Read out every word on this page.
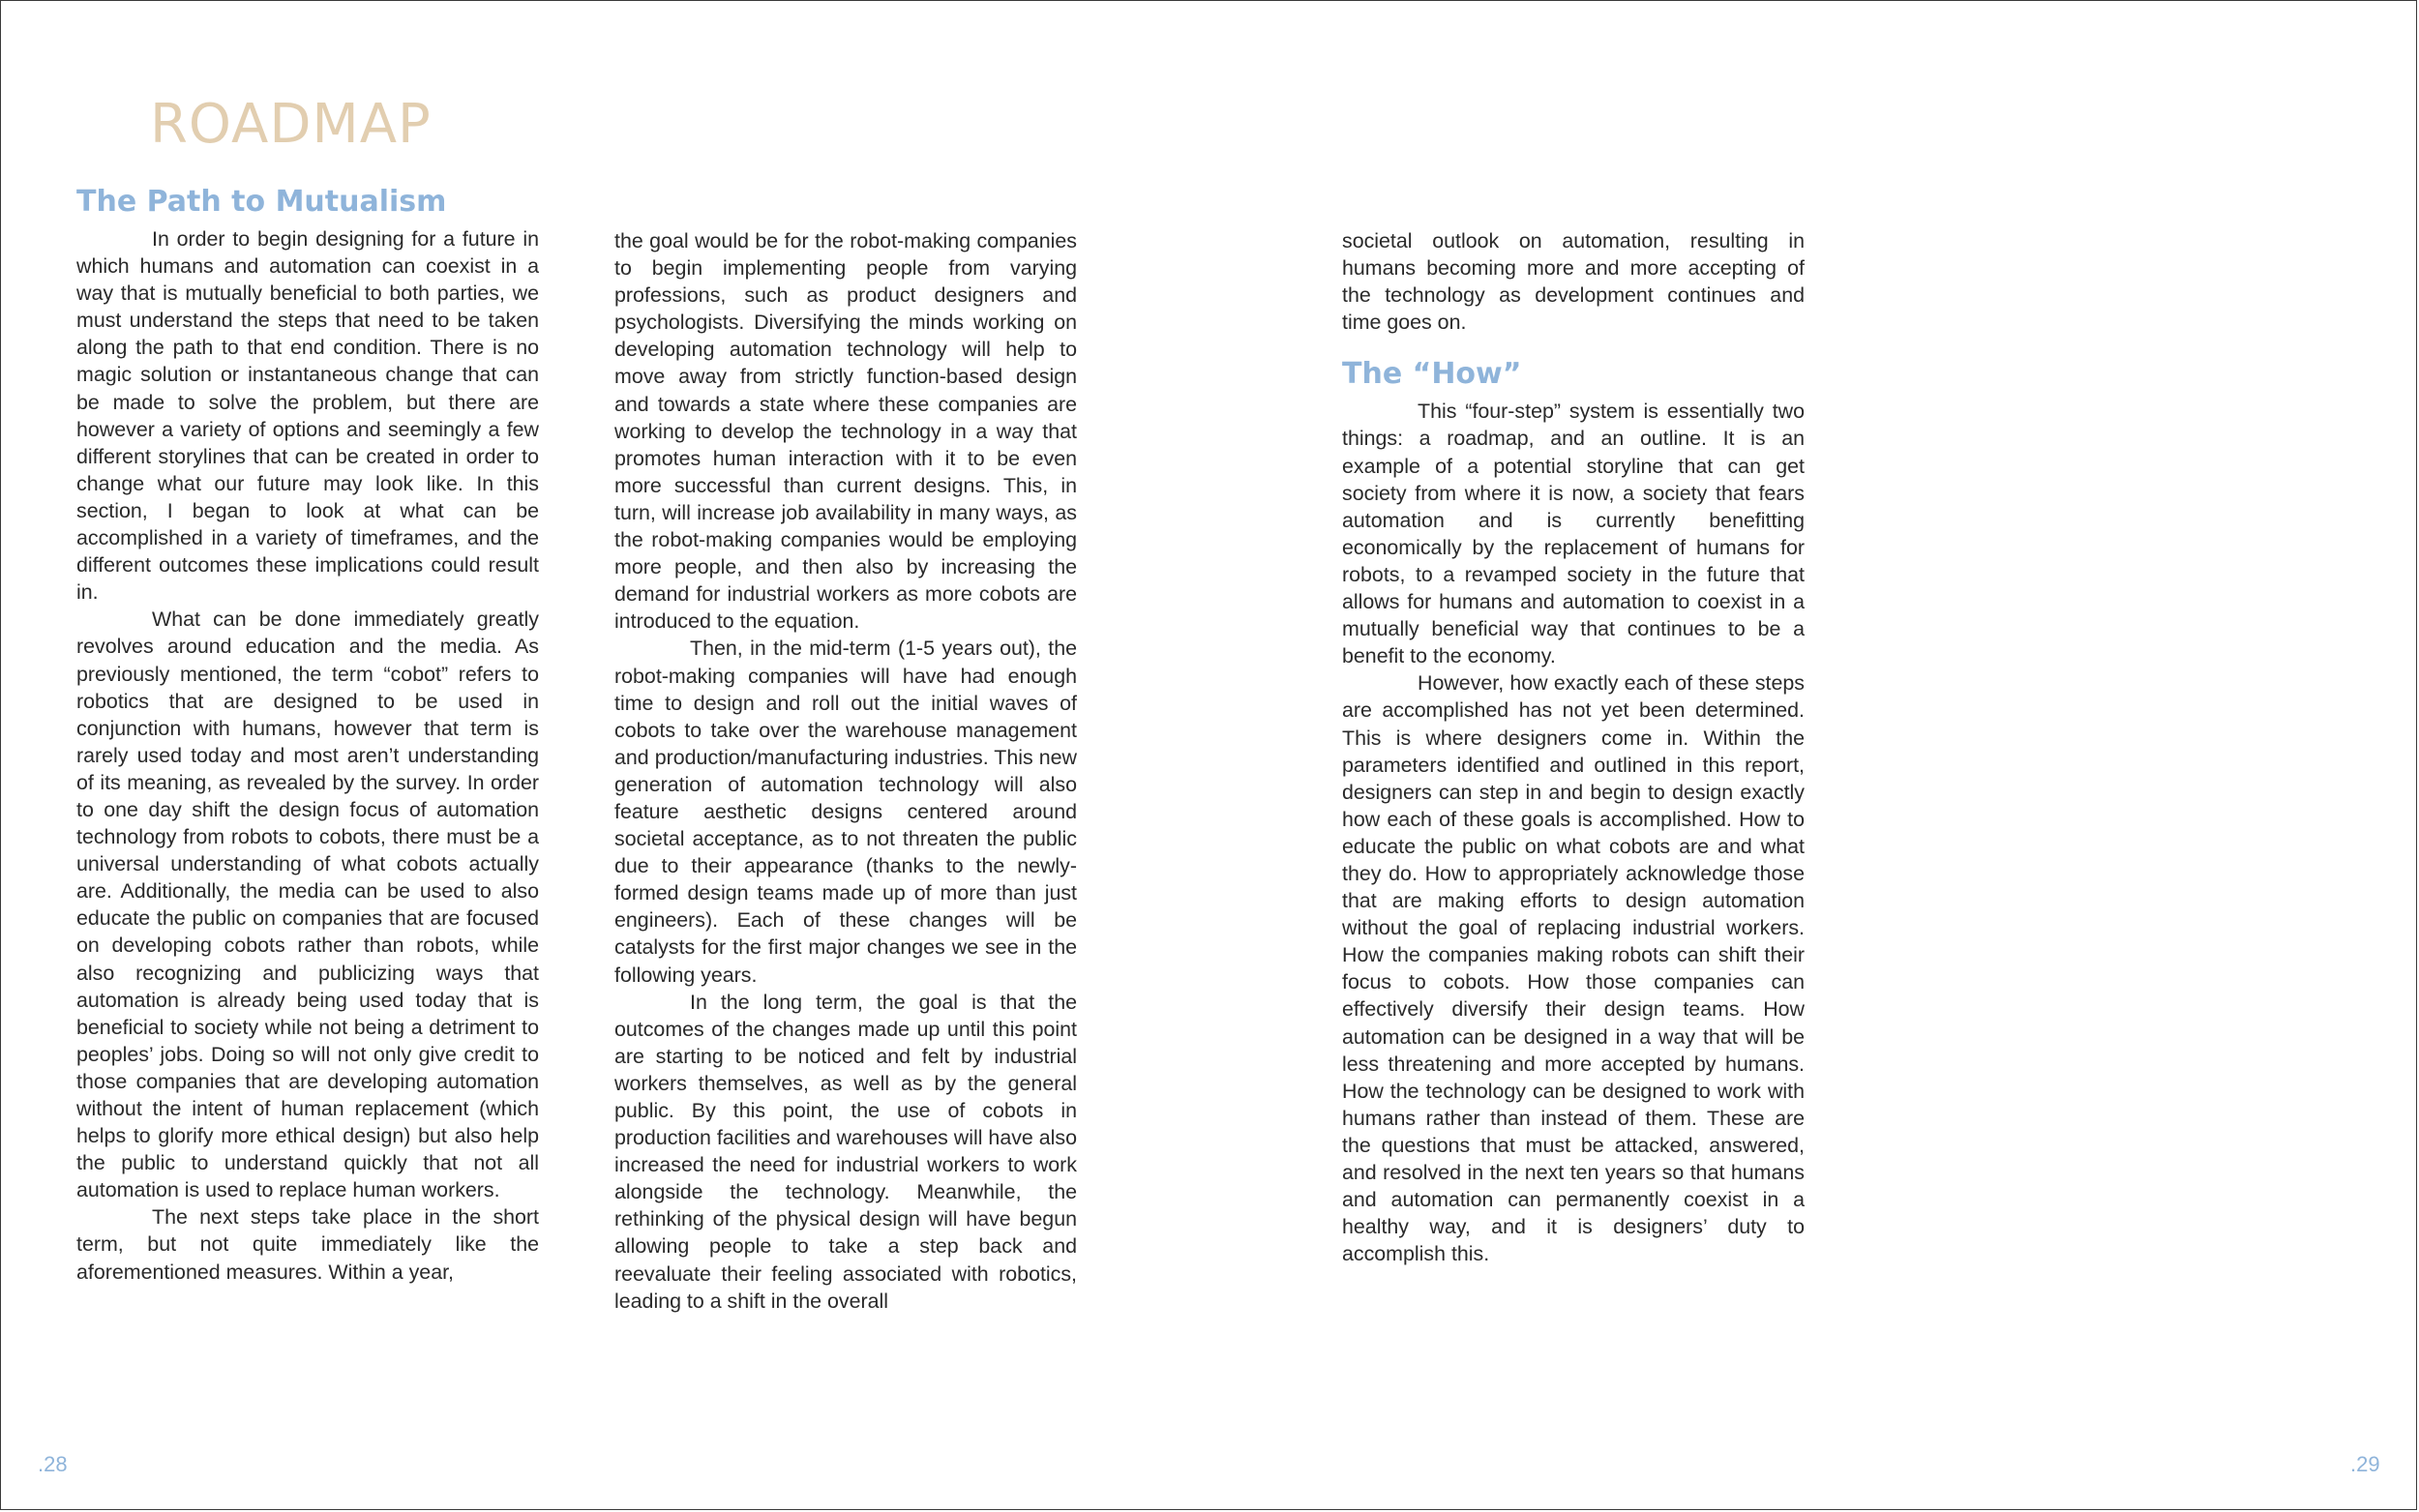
ROADMAP
The Path to Mutualism

In order to begin designing for a future in which humans and automation can coexist in a way that is mutually beneficial to both parties, we must understand the steps that need to be taken along the path to that end condition. There is no magic solution or instantaneous change that can be made to solve the problem, but there are however a variety of options and seemingly a few different storylines that can be created in order to change what our future may look like. In this section, I began to look at what can be accomplished in a variety of timeframes, and the different outcomes these implications could result in.

What can be done immediately greatly revolves around education and the media. As previously mentioned, the term “cobot” refers to robotics that are designed to be used in conjunction with humans, however that term is rarely used today and most aren’t understanding of its meaning, as revealed by the survey. In order to one day shift the design focus of automation technology from robots to cobots, there must be a universal understanding of what cobots actually are. Additionally, the media can be used to also educate the public on companies that are focused on developing cobots rather than robots, while also recognizing and publicizing ways that automation is already being used today that is beneficial to society while not being a detriment to peoples’ jobs. Doing so will not only give credit to those companies that are developing automation without the intent of human replacement (which helps to glorify more ethical design) but also help the public to understand quickly that not all automation is used to replace human workers.

The next steps take place in the short term, but not quite immediately like the aforementioned measures. Within a year,

the goal would be for the robot-making companies to begin implementing people from varying professions, such as product designers and psychologists. Diversifying the minds working on developing automation technology will help to move away from strictly function-based design and towards a state where these companies are working to develop the technology in a way that promotes human interaction with it to be even more successful than current designs. This, in turn, will increase job availability in many ways, as the robot-making companies would be employing more people, and then also by increasing the demand for industrial workers as more cobots are introduced to the equation.

Then, in the mid-term (1-5 years out), the robot-making companies will have had enough time to design and roll out the initial waves of cobots to take over the warehouse management and production/manufacturing industries. This new generation of automation technology will also feature aesthetic designs centered around societal acceptance, as to not threaten the public due to their appearance (thanks to the newly-formed design teams made up of more than just engineers). Each of these changes will be catalysts for the first major changes we see in the following years.

In the long term, the goal is that the outcomes of the changes made up until this point are starting to be noticed and felt by industrial workers themselves, as well as by the general public. By this point, the use of cobots in production facilities and warehouses will have also increased the need for industrial workers to work alongside the technology. Meanwhile, the rethinking of the physical design will have begun allowing people to take a step back and reevaluate their feeling associated with robotics, leading to a shift in the overall

societal outlook on automation, resulting in humans becoming more and more accepting of the technology as development continues and time goes on.

The “How”

This “four-step” system is essentially two things: a roadmap, and an outline. It is an example of a potential storyline that can get society from where it is now, a society that fears automation and is currently benefitting economically by the replacement of humans for robots, to a revamped society in the future that allows for humans and automation to coexist in a mutually beneficial way that continues to be a benefit to the economy.

However, how exactly each of these steps are accomplished has not yet been determined. This is where designers come in. Within the parameters identified and outlined in this report, designers can step in and begin to design exactly how each of these goals is accomplished. How to educate the public on what cobots are and what they do. How to appropriately acknowledge those that are making efforts to design automation without the goal of replacing industrial workers. How the companies making robots can shift their focus to cobots. How those companies can effectively diversify their design teams. How automation can be designed in a way that will be less threatening and more accepted by humans. How the technology can be designed to work with humans rather than instead of them. These are the questions that must be attacked, answered, and resolved in the next ten years so that humans and automation can permanently coexist in a healthy way, and it is designers’ duty to accomplish this.

.28	.29
